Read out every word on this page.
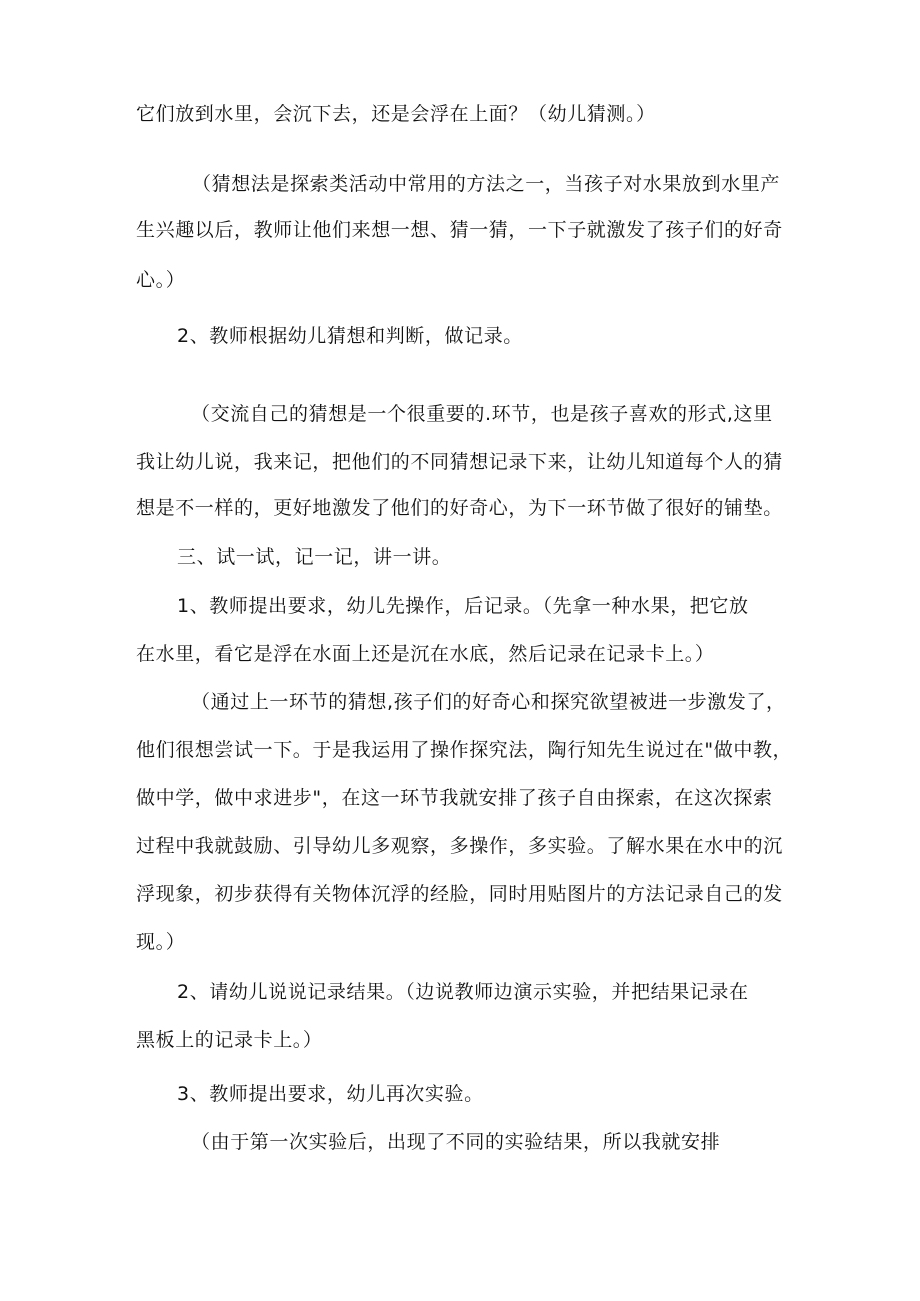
它们放到水里，会沉下去，还是会浮在上面？（幼儿猜测。）
（猜想法是探索类活动中常用的方法之一，当孩子对水果放到水里产
生兴趣以后，教师让他们来想一想、猜一猜，一下子就激发了孩子们的好奇
心。）
2、教师根据幼儿猜想和判断，做记录。
（交流自己的猜想是一个很重要的.环节，也是孩子喜欢的形式,这里
我让幼儿说，我来记，把他们的不同猜想记录下来，让幼儿知道每个人的猜
想是不一样的，更好地激发了他们的好奇心，为下一环节做了很好的铺垫。
三、试一试，记一记，讲一讲。
1、教师提出要求，幼儿先操作，后记录。（先拿一种水果，把它放
在水里，看它是浮在水面上还是沉在水底，然后记录在记录卡上。）
（通过上一环节的猜想,孩子们的好奇心和探究欲望被进一步激发了，
他们很想尝试一下。于是我运用了操作探究法，陶行知先生说过在"做中教，
做中学，做中求进步"，在这一环节我就安排了孩子自由探索，在这次探索
过程中我就鼓励、引导幼儿多观察，多操作，多实验。了解水果在水中的沉
浮现象，初步获得有关物体沉浮的经脸，同时用贴图片的方法记录自己的发
现。）
2、请幼儿说说记录结果。（边说教师边演示实验，并把结果记录在
黑板上的记录卡上。）
3、教师提出要求，幼儿再次实验。
（由于第一次实验后，出现了不同的实验结果，所以我就安排
